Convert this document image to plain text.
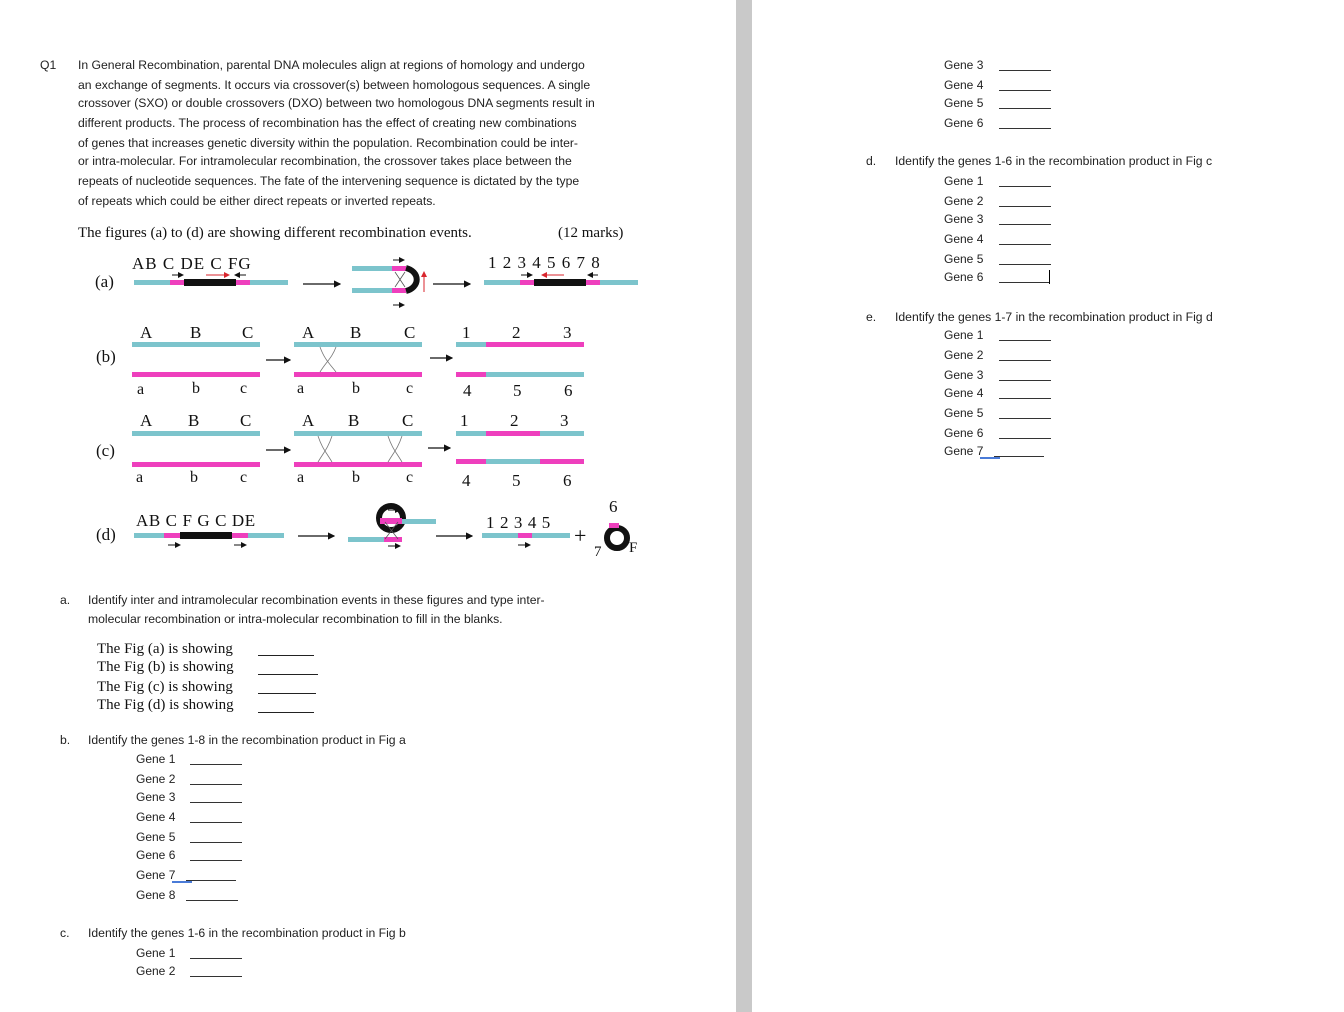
Q1 In General Recombination, parental DNA molecules align at regions of homology and undergo
an exchange of segments. It occurs via crossover(s) between homologous sequences. A single
crossover (SXO) or double crossovers (DXO) between two homologous DNA segments result in
different products. The process of recombination has the effect of creating new combinations
of genes that increases genetic diversity within the population. Recombination could be inter-
or intra-molecular. For intramolecular recombination, the crossover takes place between the
repeats of nucleotide sequences. The fate of the intervening sequence is dictated by the type
of repeats which could be either direct repeats or inverted repeats.
The figures (a) to (d) are showing different recombination events.	(12 marks)
(a)
AB C DE C FG	1 2 3 4 5 6 7 8
(b)
A B C
a	b	c
A B	C
a	b	c
1 2	3
4 5	6
(c)
A B C
a	b	c
A B	C
a	b	c
1 2 3
4 5	6
(d)
AB C F G C DE	1 2 3 4 5
+
6
7 F
a. Identify inter and intramolecular recombination events in these figures and type inter-
molecular recombination or intra-molecular recombination to fill in the blanks.
The Fig (a) is showing
The Fig (b) is showing
The Fig (c) is showing
The Fig (d) is showing
b. Identify the genes 1-8 in the recombination product in Fig a
Gene 1
Gene 2
Gene 3
Gene 4
Gene 5
Gene 6
Gene 7
Gene 8
c. Identify the genes 1-6 in the recombination product in Fig b
Gene 1
Gene 2
Gene 3
Gene 4
Gene 5
Gene 6
d. Identify the genes 1-6 in the recombination product in Fig c
Gene 1
Gene 2
Gene 3
Gene 4
Gene 5
Gene 6
e. Identify the genes 1-7 in the recombination product in Fig d
Gene 1
Gene 2
Gene 3
Gene 4
Gene 5
Gene 6
Gene 7
